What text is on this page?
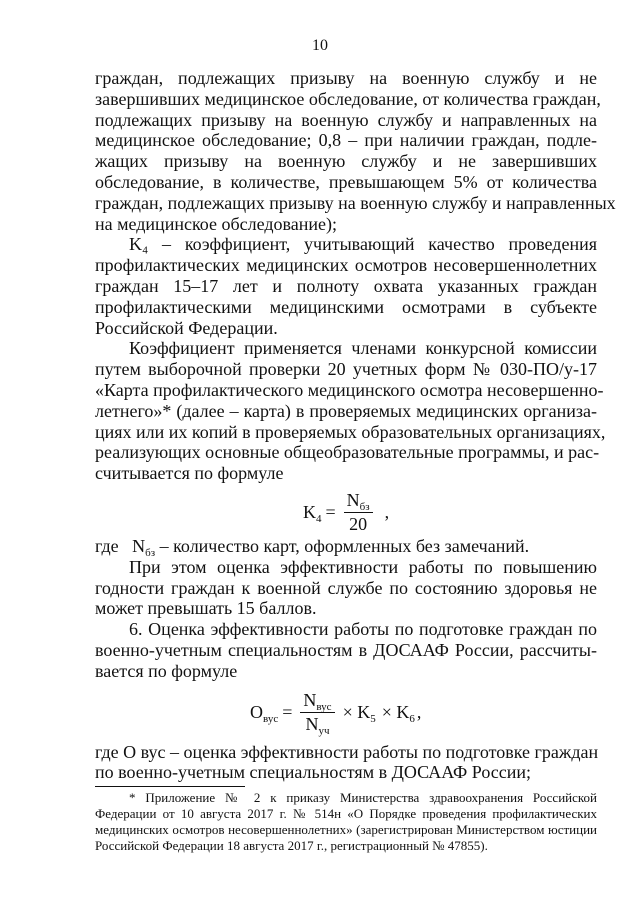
10
граждан, подлежащих призыву на военную службу и не
завершивших медицинское обследование, от количества граждан,
подлежащих призыву на военную службу и направленных на
медицинское обследование; 0,8 – при наличии граждан, подле-
жащих призыву на военную службу и не завершивших
обследование, в количестве, превышающем 5% от количества
граждан, подлежащих призыву на военную службу и направленных
на медицинское обследование);
K₄ – коэффициент, учитывающий качество проведения
профилактических медицинских осмотров несовершеннолетних
граждан 15–17 лет и полноту охвата указанных граждан
профилактическими медицинскими осмотрами в субъекте
Российской Федерации.
Коэффициент применяется членами конкурсной комиссии
путем выборочной проверки 20 учетных форм № 030-ПО/у-17
«Карта профилактического медицинского осмотра несовершенно-
летнего»* (далее – карта) в проверяемых медицинских организа-
циях или их копий в проверяемых образовательных организациях,
реализующих основные общеобразовательные программы, и рас-
считывается по формуле
$K_4 = \frac{N_{бз}}{20}$ ,
где $N_{бз}$ – количество карт, оформленных без замечаний.
При этом оценка эффективности работы по повышению
годности граждан к военной службе по состоянию здоровья не
может превышать 15 баллов.
6. Оценка эффективности работы по подготовке граждан по
военно-учетным специальностям в ДОСААФ России, рассчиты-
вается по формуле
$O_{вус} = \frac{N_{вус}}{N_{уч}} \times K_5 \times K_6$ ,
где O вус – оценка эффективности работы по подготовке граждан
по военно-учетным специальностям в ДОСААФ России;
* Приложение № 2 к приказу Министерства здравоохранения Российской
Федерации от 10 августа 2017 г. № 514н «О Порядке проведения профилактических
медицинских осмотров несовершеннолетних» (зарегистрирован Министерством юстиции
Российской Федерации 18 августа 2017 г., регистрационный № 47855).
